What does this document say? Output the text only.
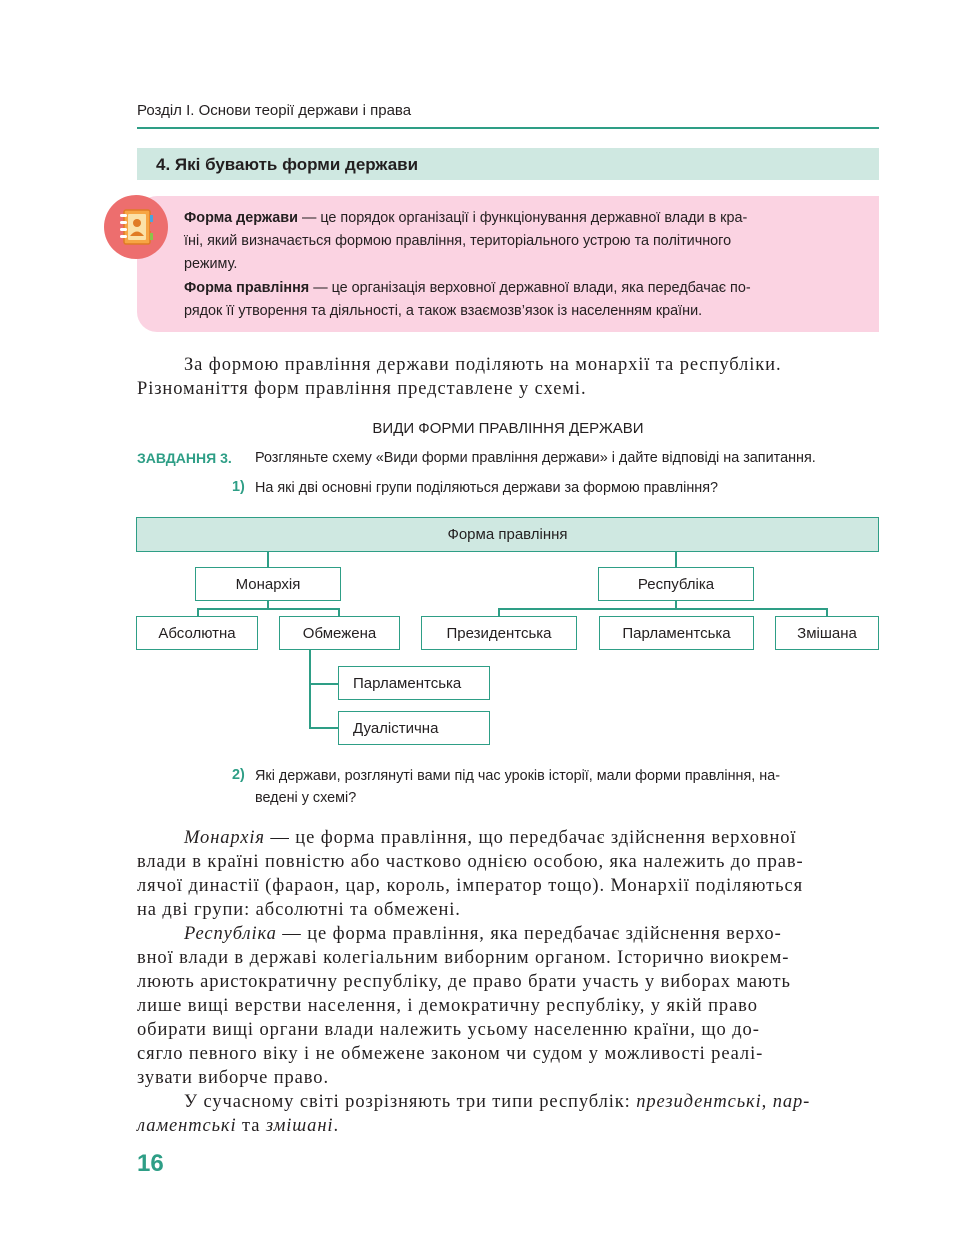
Розділ І. Основи теорії держави і права
4. Які бувають форми держави
Форма держави — це порядок організації і функціонування державної влади в кра-
їні, який визначається формою правління, територіального устрою та політичного
режиму.
Форма правління — це організація верховної державної влади, яка передбачає по-
рядок її утворення та діяльності, а також взаємозв’язок із населенням країни.
За формою правління держави поділяють на монархії та республіки.
Різноманіття форм правління представлене у схемі.
ВИДИ ФОРМИ ПРАВЛІННЯ ДЕРЖАВИ
ЗАВДАННЯ 3. Розгляньте схему «Види форми правління держави» і дайте відповіді на запитання.
1) На які дві основні групи поділяються держави за формою правління?
Форма правління
Монархія	Республіка
Абсолютна	Обмежена	Президентська	Парламентська	Змішана
Парламентська
Дуалістична
2) Які держави, розглянуті вами під час уроків історії, мали форми правління, на-
ведені у схемі?
Монархія — це форма правління, що передбачає здійснення верховної
влади в країні повністю або частково однією особою, яка належить до прав-
лячої династії (фараон, цар, король, імператор тощо). Монархії поділяються
на дві групи: абсолютні та обмежені.
Республіка — це форма правління, яка передбачає здійснення верхо-
вної влади в державі колегіальним виборним органом. Історично виокрем-
люють аристократичну республіку, де право брати участь у виборах мають
лише вищі верстви населення, і демократичну республіку, у якій право
обирати вищі органи влади належить усьому населенню країни, що до-
сягло певного віку і не обмежене законом чи судом у можливості реалі-
зувати виборче право.
У сучасному світі розрізняють три типи республік: президентські, пар-
ламентські та змішані.
16
